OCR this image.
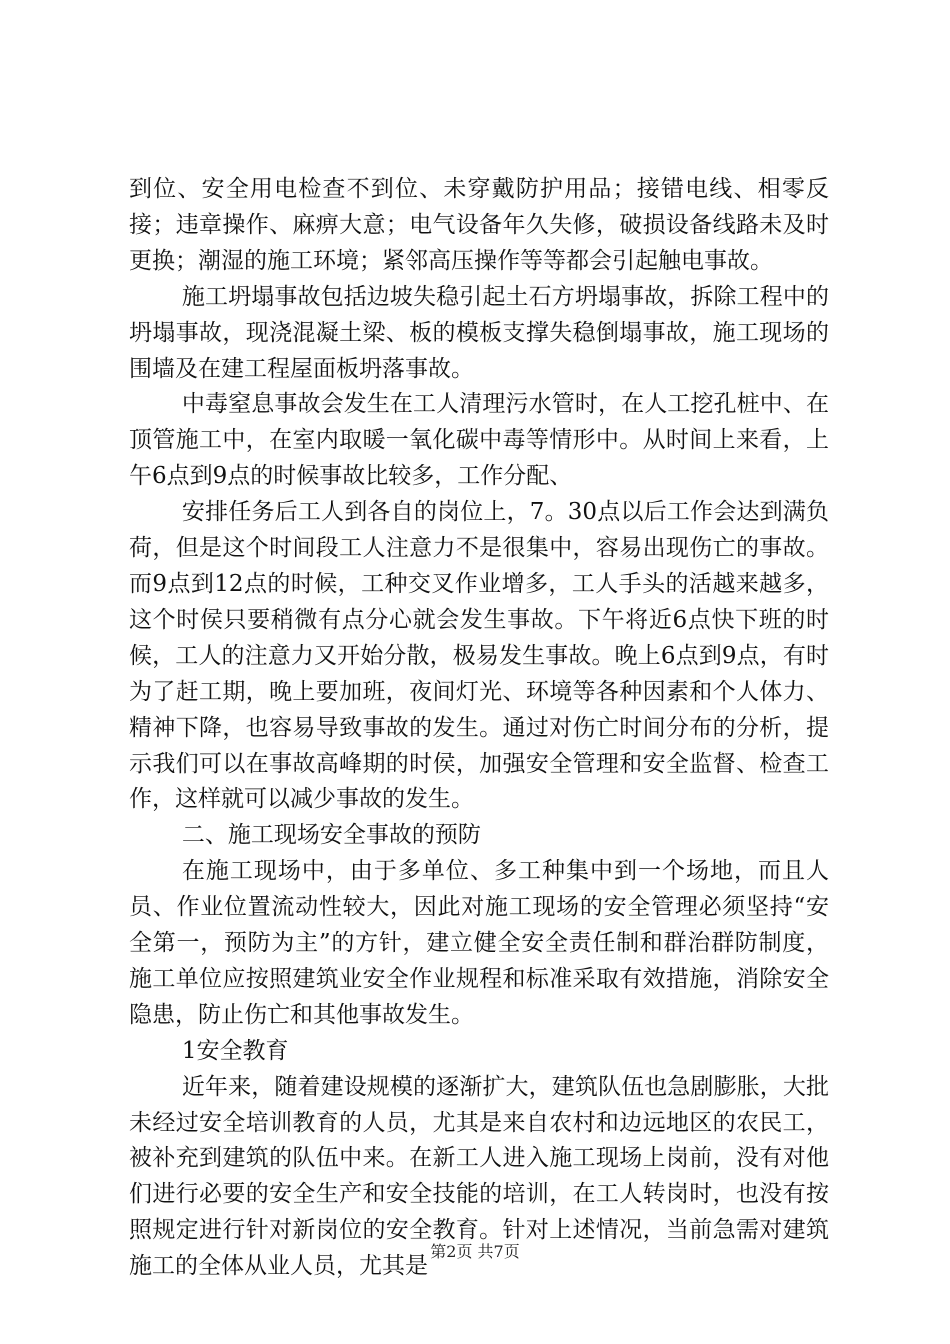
到位、安全用电检查不到位、未穿戴防护用品；接错电线、相零反接；违章操作、麻痹大意；电气设备年久失修，破损设备线路未及时更换；潮湿的施工环境；紧邻高压操作等等都会引起触电事故。

施工坍塌事故包括边坡失稳引起土石方坍塌事故，拆除工程中的坍塌事故，现浇混凝土梁、板的模板支撑失稳倒塌事故，施工现场的围墙及在建工程屋面板坍落事故。

中毒窒息事故会发生在工人清理污水管时，在人工挖孔桩中、在顶管施工中，在室内取暖一氧化碳中毒等情形中。从时间上来看，上午6点到9点的时候事故比较多，工作分配、

安排任务后工人到各自的岗位上，7。30点以后工作会达到满负荷，但是这个时间段工人注意力不是很集中，容易出现伤亡的事故。而9点到12点的时候，工种交叉作业增多，工人手头的活越来越多，这个时侯只要稍微有点分心就会发生事故。下午将近6点快下班的时候，工人的注意力又开始分散，极易发生事故。晚上6点到9点，有时为了赶工期，晚上要加班，夜间灯光、环境等各种因素和个人体力、精神下降，也容易导致事故的发生。通过对伤亡时间分布的分析，提示我们可以在事故高峰期的时侯，加强安全管理和安全监督、检查工作，这样就可以减少事故的发生。

二、施工现场安全事故的预防

在施工现场中，由于多单位、多工种集中到一个场地，而且人员、作业位置流动性较大，因此对施工现场的安全管理必须坚持“安全第一，预防为主”的方针，建立健全安全责任制和群治群防制度，施工单位应按照建筑业安全作业规程和标准采取有效措施，消除安全隐患，防止伤亡和其他事故发生。

1安全教育

近年来，随着建设规模的逐渐扩大，建筑队伍也急剧膨胀，大批未经过安全培训教育的人员，尤其是来自农村和边远地区的农民工，被补充到建筑的队伍中来。在新工人进入施工现场上岗前，没有对他们进行必要的安全生产和安全技能的培训，在工人转岗时，也没有按照规定进行针对新岗位的安全教育。针对上述情况，当前急需对建筑施工的全体从业人员，尤其是

第2页 共7页
